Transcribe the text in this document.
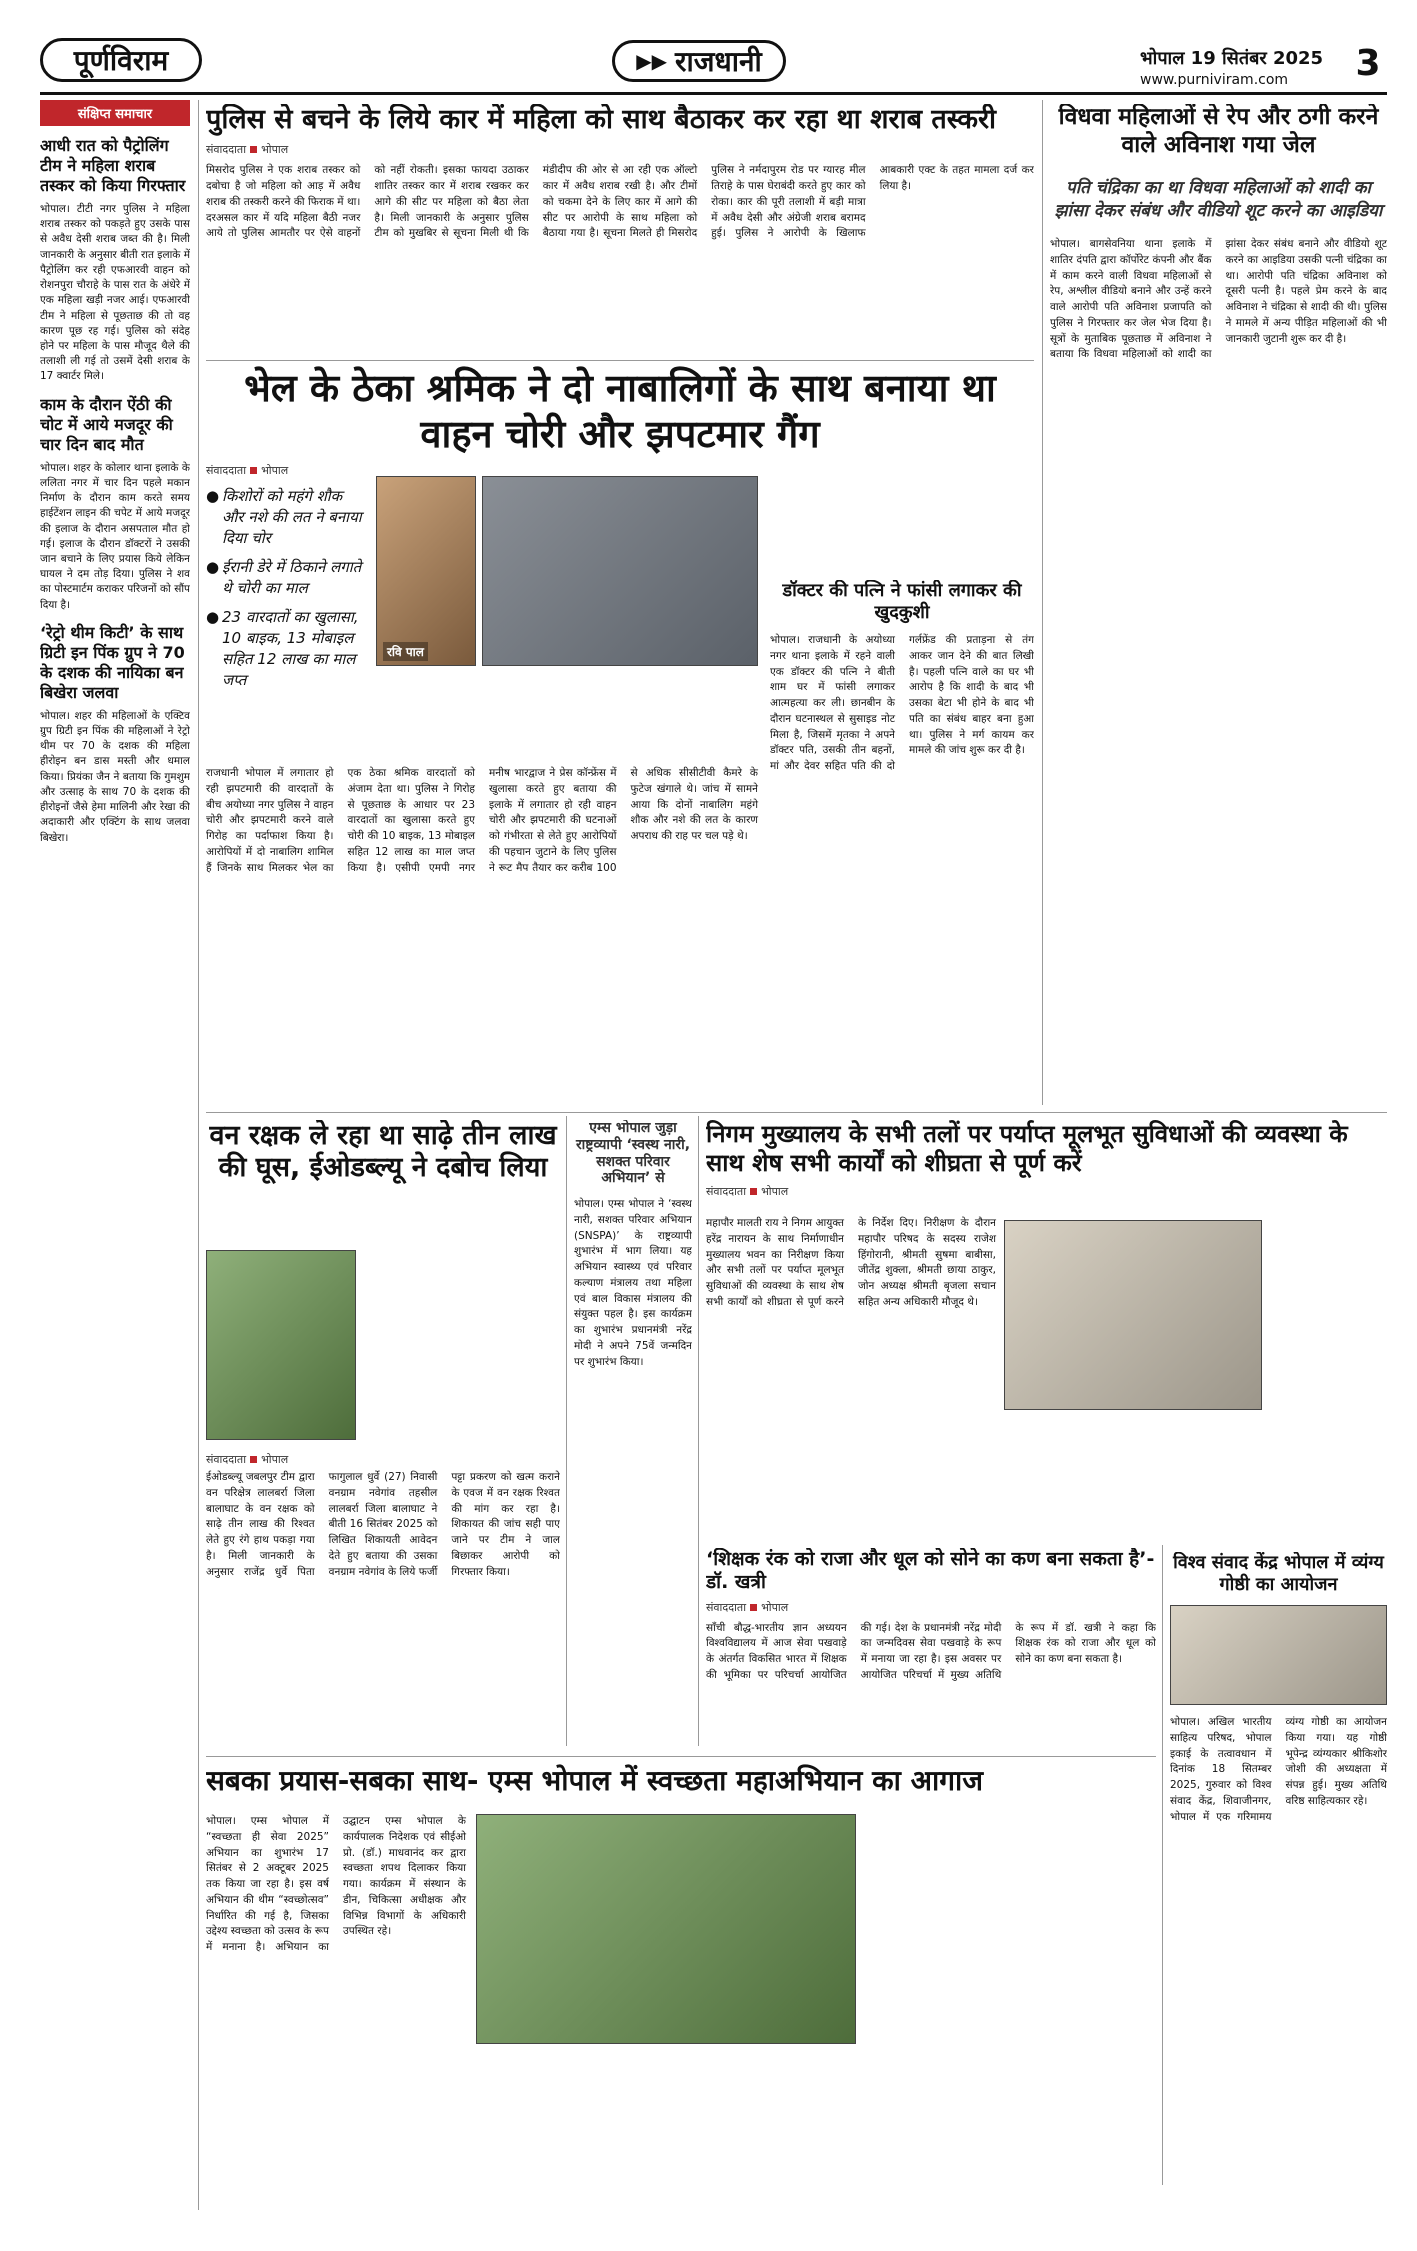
पूर्णविराम	▶▶ राजधानी	भोपाल 19 सितंबर 2025
www.purniviram.com 3
संक्षिप्त समाचार
आधी रात को पैट्रोलिंग टीम ने महिला शराब तस्कर को किया गिरफ्तार

भोपाल। टीटी नगर पुलिस ने महिला शराब तस्कर को पकड़ते हुए उसके पास से अवैध देसी शराब जब्त की है। मिली जानकारी के अनुसार बीती रात इलाके में पैट्रोलिंग कर रही एफआरवी वाहन को रोशनपुरा चौराहे के पास रात के अंधेरे में एक महिला खड़ी नजर आई। एफआरवी टीम ने महिला से पूछताछ की तो वह कारण पूछ रह गई। पुलिस को संदेह होने पर महिला के पास मौजूद थैले की तलाशी ली गई तो उसमें देसी शराब के 17 क्वार्टर मिले।

काम के दौरान ऐंठी की चोट में आये मजदूर की चार दिन बाद मौत

भोपाल। शहर के कोलार थाना इलाके के ललिता नगर में चार दिन पहले मकान निर्माण के दौरान काम करते समय हाईटेंशन लाइन की चपेट में आये मजदूर की इलाज के दौरान असपताल मौत हो गई। इलाज के दौरान डॉक्टरों ने उसकी जान बचाने के लिए प्रयास किये लेकिन घायल ने दम तोड़ दिया। पुलिस ने शव का पोस्टमार्टम कराकर परिजनों को सौंप दिया है।

‘रेट्रो थीम किटी’ के साथ ग्रिटी इन पिंक ग्रुप ने 70 के दशक की नायिका बन बिखेरा जलवा

भोपाल। शहर की महिलाओं के एक्टिव ग्रुप ग्रिटी इन पिंक की महिलाओं ने रेट्रो थीम पर 70 के दशक की महिला हीरोइन बन डास मस्ती और धमाल किया। प्रियंका जैन ने बताया कि गुमशुम और उत्साह के साथ 70 के दशक की हीरोइनों जैसे हेमा मालिनी और रेखा की अदाकारी और एक्टिंग के साथ जलवा बिखेरा।

पुलिस से बचने के लिये कार में महिला को साथ बैठाकर कर रहा था शराब तस्करी
संवाददाता भोपाल
मिसरोद पुलिस ने एक शराब तस्कर को दबोचा है जो महिला को आड़ में अवैध शराब की तस्करी करने की फिराक में था। दरअसल कार में यदि महिला बैठी नजर आये तो पुलिस आमतौर पर ऐसे वाहनों को नहीं रोकती। इसका फायदा उठाकर शातिर तस्कर कार में शराब रखकर कर आगे की सीट पर महिला को बैठा लेता है। मिली जानकारी के अनुसार पुलिस टीम को मुखबिर से सूचना मिली थी कि मंडीदीप की ओर से आ रही एक ऑल्टो कार में अवैध शराब रखी है। और टीमों को चकमा देने के लिए कार में आगे की सीट पर आरोपी के साथ महिला को बैठाया गया है। सूचना मिलते ही मिसरोद पुलिस ने नर्मदापुरम रोड पर ग्यारह मील तिराहे के पास घेराबंदी करते हुए कार को रोका। कार की पूरी तलाशी में बड़ी मात्रा में अवैध देसी और अंग्रेजी शराब बरामद हुई। पुलिस ने आरोपी के खिलाफ आबकारी एक्ट के तहत मामला दर्ज कर लिया है।
विधवा महिलाओं से रेप और ठगी करने वाले अविनाश गया जेल
पति चंद्रिका का था विधवा महिलाओं को शादी का झांसा देकर संबंध और वीडियो शूट करने का आइडिया
भोपाल। बागसेवनिया थाना इलाके में शातिर दंपति द्वारा कॉर्पोरेट कंपनी और बैंक में काम करने वाली विधवा महिलाओं से रेप, अश्लील वीडियो बनाने और उन्हें करने वाले आरोपी पति अविनाश प्रजापति को पुलिस ने गिरफ्तार कर जेल भेज दिया है। सूत्रों के मुताबिक पूछताछ में अविनाश ने बताया कि विधवा महिलाओं को शादी का झांसा देकर संबंध बनाने और वीडियो शूट करने का आइडिया उसकी पत्नी चंद्रिका का था। आरोपी पति चंद्रिका अविनाश को दूसरी पत्नी है। पहले प्रेम करने के बाद अविनाश ने चंद्रिका से शादी की थी। पुलिस ने मामले में अन्य पीड़ित महिलाओं की भी जानकारी जुटानी शुरू कर दी है।
भेल के ठेका श्रमिक ने दो नाबालिगों के साथ बनाया था वाहन चोरी और झपटमार गैंग
संवाददाता भोपाल
● किशोरों को महंगे शौक और नशे की लत ने बनाया दिया चोर
● ईरानी डेरे में ठिकाने लगाते थे चोरी का माल
● 23 वारदातों का खुलासा, 10 बाइक, 13 मोबाइल सहित 12 लाख का माल जप्त
रवि पाल
राजधानी भोपाल में लगातार हो रही झपटमारी की वारदातों के बीच अयोध्या नगर पुलिस ने वाहन चोरी और झपटमारी करने वाले गिरोह का पर्दाफाश किया है। आरोपियों में दो नाबालिग शामिल हैं जिनके साथ मिलकर भेल का एक ठेका श्रमिक वारदातों को अंजाम देता था। पुलिस ने गिरोह से पूछताछ के आधार पर 23 वारदातों का खुलासा करते हुए चोरी की 10 बाइक, 13 मोबाइल सहित 12 लाख का माल जप्त किया है। एसीपी एमपी नगर मनीष भारद्वाज ने प्रेस कॉन्फ्रेंस में खुलासा करते हुए बताया की इलाके में लगातार हो रही वाहन चोरी और झपटमारी की घटनाओं को गंभीरता से लेते हुए आरोपियों की पहचान जुटाने के लिए पुलिस ने रूट मैप तैयार कर करीब 100 से अधिक सीसीटीवी कैमरे के फुटेज खंगाले थे। जांच में सामने आया कि दोनों नाबालिग महंगे शौक और नशे की लत के कारण अपराध की राह पर चल पड़े थे।
डॉक्टर की पत्नि ने फांसी लगाकर की खुदकुशी
भोपाल। राजधानी के अयोध्या नगर थाना इलाके में रहने वाली एक डॉक्टर की पत्नि ने बीती शाम घर में फांसी लगाकर आत्महत्या कर ली। छानबीन के दौरान घटनास्थल से सुसाइड नोट मिला है, जिसमें मृतका ने अपने डॉक्टर पति, उसकी तीन बहनों, मां और देवर सहित पति की दो गर्लफ्रेंड की प्रताड़ना से तंग आकर जान देने की बात लिखी है। पहली पत्नि वाले का घर भी आरोप है कि शादी के बाद भी उसका बेटा भी होने के बाद भी पति का संबंध बाहर बना हुआ था। पुलिस ने मर्ग कायम कर मामले की जांच शुरू कर दी है।
वन रक्षक ले रहा था साढ़े तीन लाख की घूस, ईओडब्ल्यू ने दबोच लिया
संवाददाता भोपाल
ईओडब्ल्यू जबलपुर टीम द्वारा वन परिक्षेत्र लालबर्रा जिला बालाघाट के वन रक्षक को साढ़े तीन लाख की रिश्वत लेते हुए रंगे हाथ पकड़ा गया है। मिली जानकारी के अनुसार राजेंद्र धुर्वे पिता फागुलाल धुर्वे (27) निवासी वनग्राम नवेगांव तहसील लालबर्रा जिला बालाघाट ने बीती 16 सितंबर 2025 को लिखित शिकायती आवेदन देते हुए बताया की उसका वनग्राम नवेगांव के लिये फर्जी पट्टा प्रकरण को खत्म कराने के एवज में वन रक्षक रिश्वत की मांग कर रहा है। शिकायत की जांच सही पाए जाने पर टीम ने जाल बिछाकर आरोपी को गिरफ्तार किया।
एम्स भोपाल जुड़ा राष्ट्रव्यापी ‘स्वस्थ नारी, सशक्त परिवार अभियान’ से
भोपाल। एम्स भोपाल ने ‘स्वस्थ नारी, सशक्त परिवार अभियान (SNSPA)’ के राष्ट्रव्यापी शुभारंभ में भाग लिया। यह अभियान स्वास्थ्य एवं परिवार कल्याण मंत्रालय तथा महिला एवं बाल विकास मंत्रालय की संयुक्त पहल है। इस कार्यक्रम का शुभारंभ प्रधानमंत्री नरेंद्र मोदी ने अपने 75वें जन्मदिन पर शुभारंभ किया।
निगम मुख्यालय के सभी तलों पर पर्याप्त मूलभूत सुविधाओं की व्यवस्था के साथ शेष सभी कार्यों को शीघ्रता से पूर्ण करें
संवाददाता भोपाल
महापौर मालती राय ने निगम आयुक्त हरेंद्र नारायन के साथ निर्माणाधीन मुख्यालय भवन का निरीक्षण किया और सभी तलों पर पर्याप्त मूलभूत सुविधाओं की व्यवस्था के साथ शेष सभी कार्यों को शीघ्रता से पूर्ण करने के निर्देश दिए। निरीक्षण के दौरान महापौर परिषद के सदस्य राजेश हिंगोरानी, श्रीमती सुषमा बाबीसा, जीतेंद्र शुक्ला, श्रीमती छाया ठाकुर, जोन अध्यक्ष श्रीमती बृजला सचान सहित अन्य अधिकारी मौजूद थे।
‘शिक्षक रंक को राजा और धूल को सोने का कण बना सकता है’-डॉ. खत्री
संवाददाता भोपाल
साँची बौद्ध-भारतीय ज्ञान अध्ययन विश्वविद्यालय में आज सेवा पखवाड़े के अंतर्गत विकसित भारत में शिक्षक की भूमिका पर परिचर्चा आयोजित की गई। देश के प्रधानमंत्री नरेंद्र मोदी का जन्मदिवस सेवा पखवाड़े के रूप में मनाया जा रहा है। इस अवसर पर आयोजित परिचर्चा में मुख्य अतिथि के रूप में डॉ. खत्री ने कहा कि शिक्षक रंक को राजा और धूल को सोने का कण बना सकता है।
विश्व संवाद केंद्र भोपाल में व्यंग्य गोष्ठी का आयोजन
भोपाल। अखिल भारतीय साहित्य परिषद, भोपाल इकाई के तत्वावधान में दिनांक 18 सितम्बर 2025, गुरुवार को विश्व संवाद केंद्र, शिवाजीनगर, भोपाल में एक गरिमामय व्यंग्य गोष्ठी का आयोजन किया गया। यह गोष्ठी भूपेन्द्र व्यंग्यकार श्रीकिशोर जोशी की अध्यक्षता में संपन्न हुई। मुख्य अतिथि वरिष्ठ साहित्यकार रहे।
सबका प्रयास-सबका साथ- एम्स भोपाल में स्वच्छता महाअभियान का आगाज
भोपाल। एम्स भोपाल में “स्वच्छता ही सेवा 2025” अभियान का शुभारंभ 17 सितंबर से 2 अक्टूबर 2025 तक किया जा रहा है। इस वर्ष अभियान की थीम “स्वच्छोत्सव” निर्धारित की गई है, जिसका उद्देश्य स्वच्छता को उत्सव के रूप में मनाना है। अभियान का उद्घाटन एम्स भोपाल के कार्यपालक निदेशक एवं सीईओ प्रो. (डॉ.) माधवानंद कर द्वारा स्वच्छता शपथ दिलाकर किया गया। कार्यक्रम में संस्थान के डीन, चिकित्सा अधीक्षक और विभिन्न विभागों के अधिकारी उपस्थित रहे।
